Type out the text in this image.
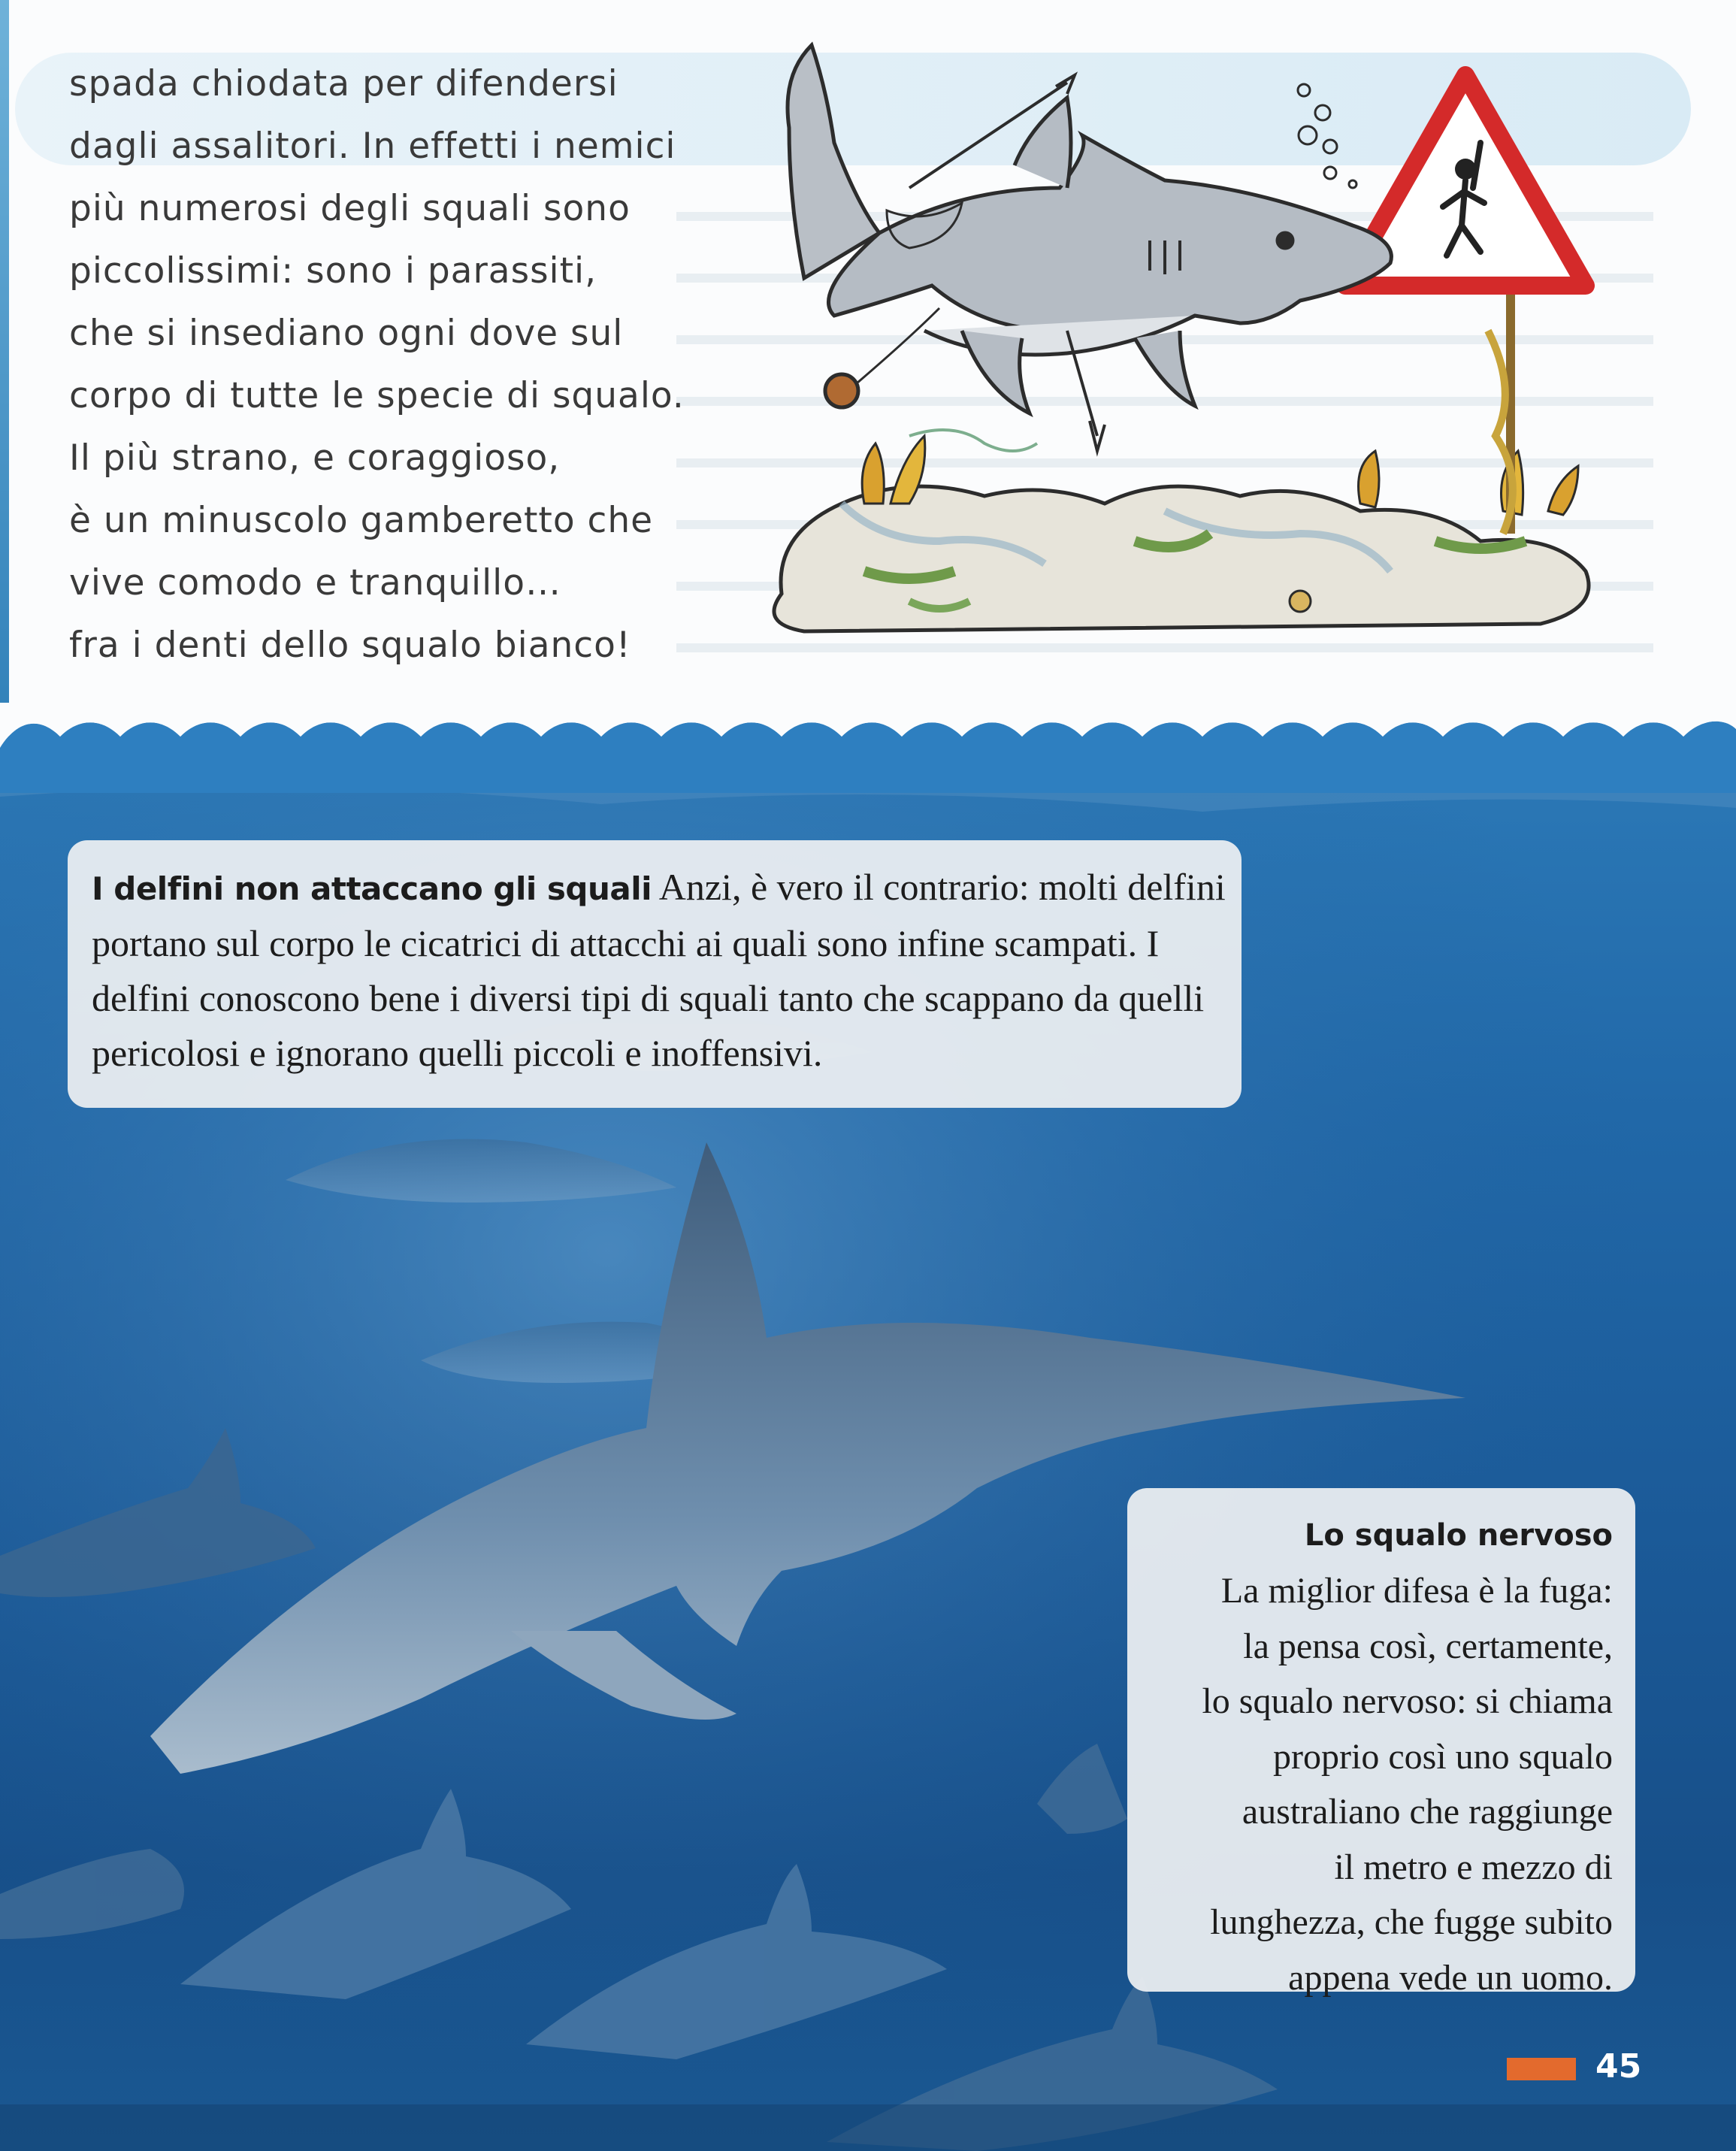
spada chiodata per difendersi
dagli assalitori. In effetti i nemici
più numerosi degli squali sono
piccolissimi: sono i parassiti,
che si insediano ogni dove sul
corpo di tutte le specie di squalo.
Il più strano, e coraggioso,
è un minuscolo gamberetto che
vive comodo e tranquillo…
fra i denti dello squalo bianco!

I delfini non attaccano gli squali Anzi, è vero il contrario: molti delfini portano sul corpo le cicatrici di attacchi ai quali sono infine scampati. I delfini conoscono bene i diversi tipi di squali tanto che scappano da quelli pericolosi e ignorano quelli piccoli e inoffensivi.

Lo squalo nervoso
La miglior difesa è la fuga:
la pensa così, certamente,
lo squalo nervoso: si chiama
proprio così uno squalo
australiano che raggiunge
il metro e mezzo di
lunghezza, che fugge subito
appena vede un uomo.
45
